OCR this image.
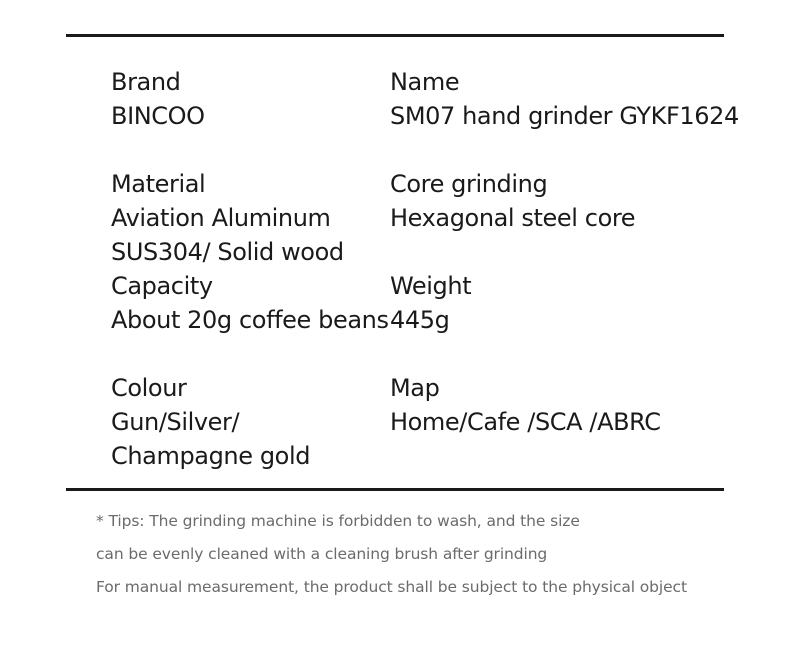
Brand
BINCOO
Name
SM07 hand grinder GYKF1624
Material
Aviation Aluminum
SUS304/ Solid wood
Core grinding
Hexagonal steel core
Capacity
About 20g coffee beans
Weight
445g
Colour
Gun/Silver/
Champagne gold
Map
Home/Cafe /SCA /ABRC
* Tips: The grinding machine is forbidden to wash, and the size
can be evenly cleaned with a cleaning brush after grinding
For manual measurement, the product shall be subject to the physical object
